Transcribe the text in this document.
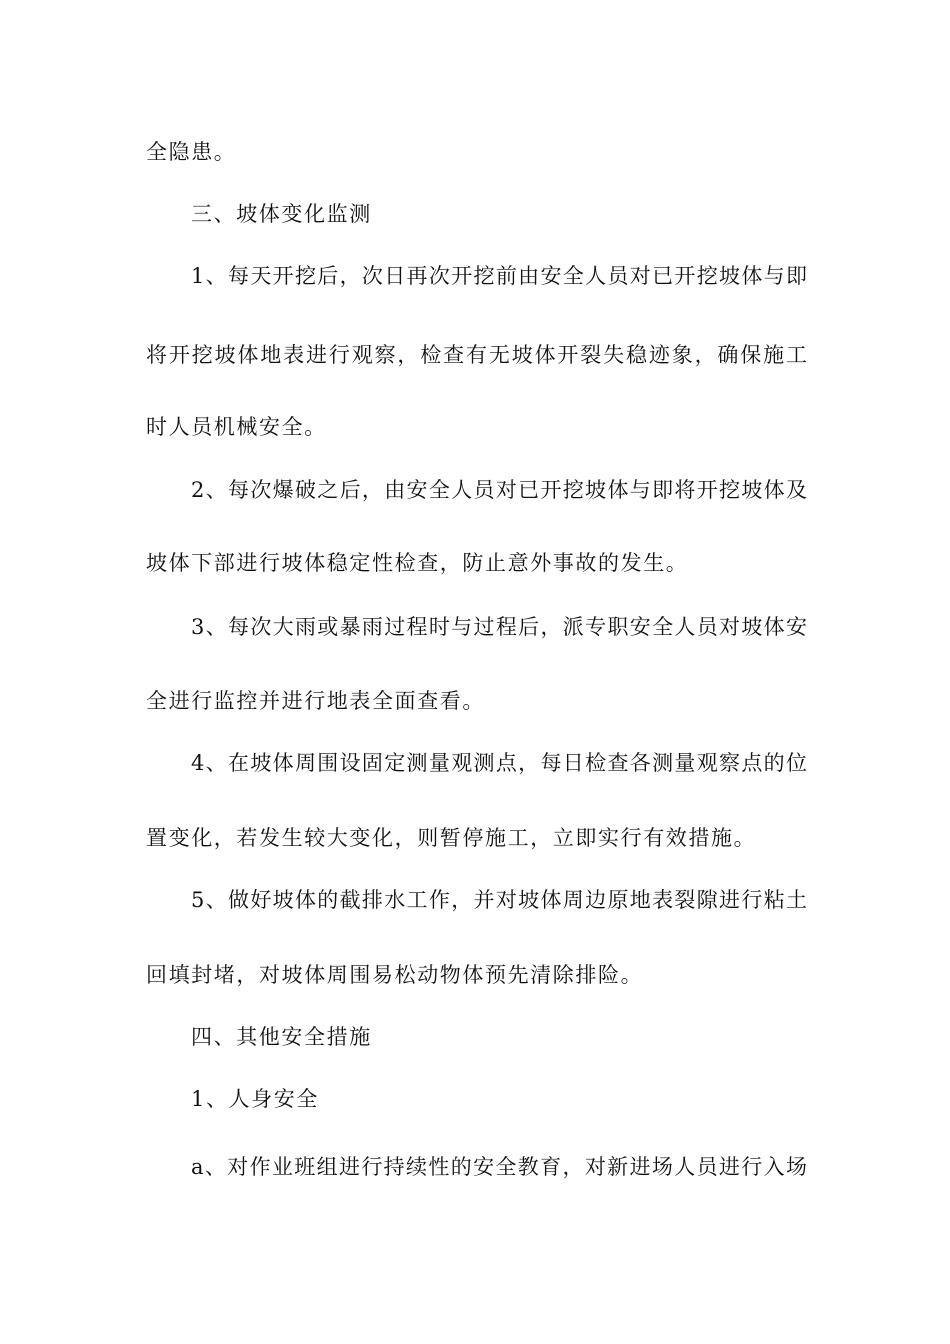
全隐患。
三、坡体变化监测
1、每天开挖后，次日再次开挖前由安全人员对已开挖坡体与即
将开挖坡体地表进行观察，检查有无坡体开裂失稳迹象，确保施工
时人员机械安全。
2、每次爆破之后，由安全人员对已开挖坡体与即将开挖坡体及
坡体下部进行坡体稳定性检查，防止意外事故的发生。
3、每次大雨或暴雨过程时与过程后，派专职安全人员对坡体安
全进行监控并进行地表全面查看。
4、在坡体周围设固定测量观测点，每日检查各测量观察点的位
置变化，若发生较大变化，则暂停施工，立即实行有效措施。
5、做好坡体的截排水工作，并对坡体周边原地表裂隙进行粘土
回填封堵，对坡体周围易松动物体预先清除排险。
四、其他安全措施
1、人身安全
a、对作业班组进行持续性的安全教育，对新进场人员进行入场
